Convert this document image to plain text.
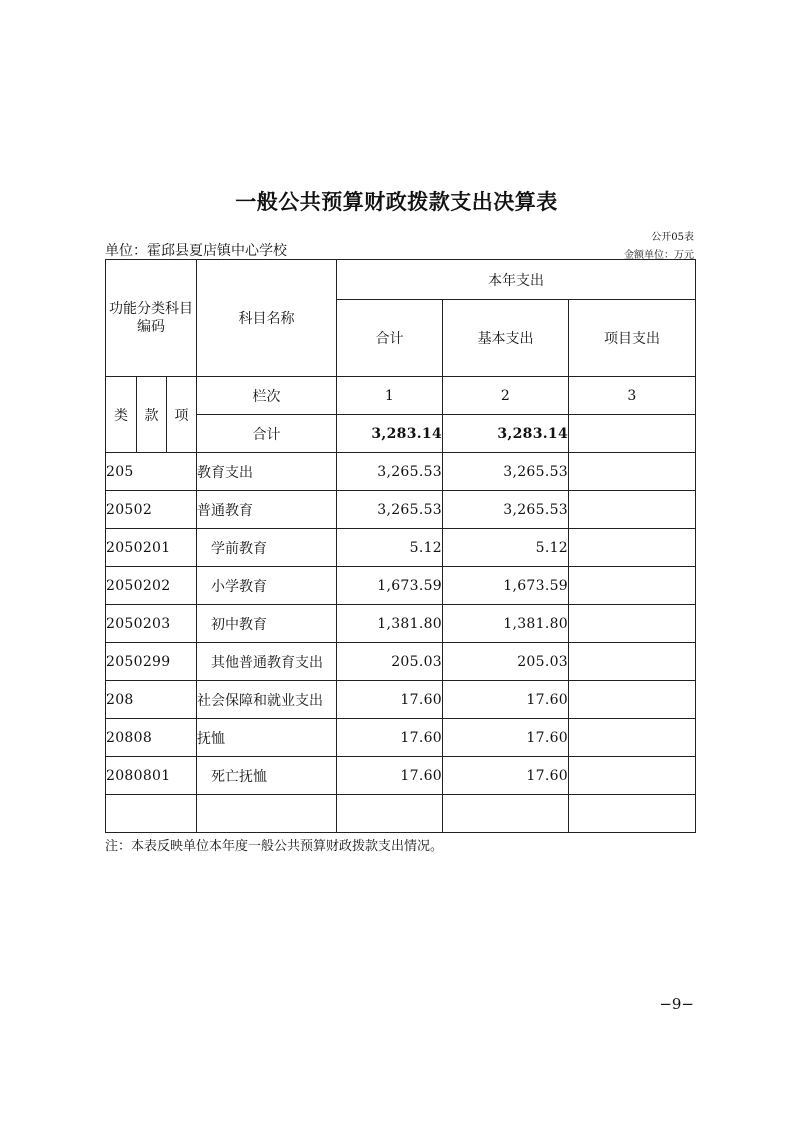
一般公共预算财政拨款支出决算表
公开05表
单位：霍邱县夏店镇中心学校	金额单位：万元
功能分类科目编码			科目名称	本年支出		
				合计	基本支出	项目支出
类	款	项	栏次	1	2	3
			合计	3,283.14	3,283.14	
205			教育支出	3,265.53	3,265.53	
20502			普通教育	3,265.53	3,265.53	
2050201			学前教育	5.12	5.12	
2050202			小学教育	1,673.59	1,673.59	
2050203			初中教育	1,381.80	1,381.80	
2050299			其他普通教育支出	205.03	205.03	
208			社会保障和就业支出	17.60	17.60	
20808			抚恤	17.60	17.60	
2080801			死亡抚恤	17.60	17.60	

注：本表反映单位本年度一般公共预算财政拨款支出情况。
−9−
